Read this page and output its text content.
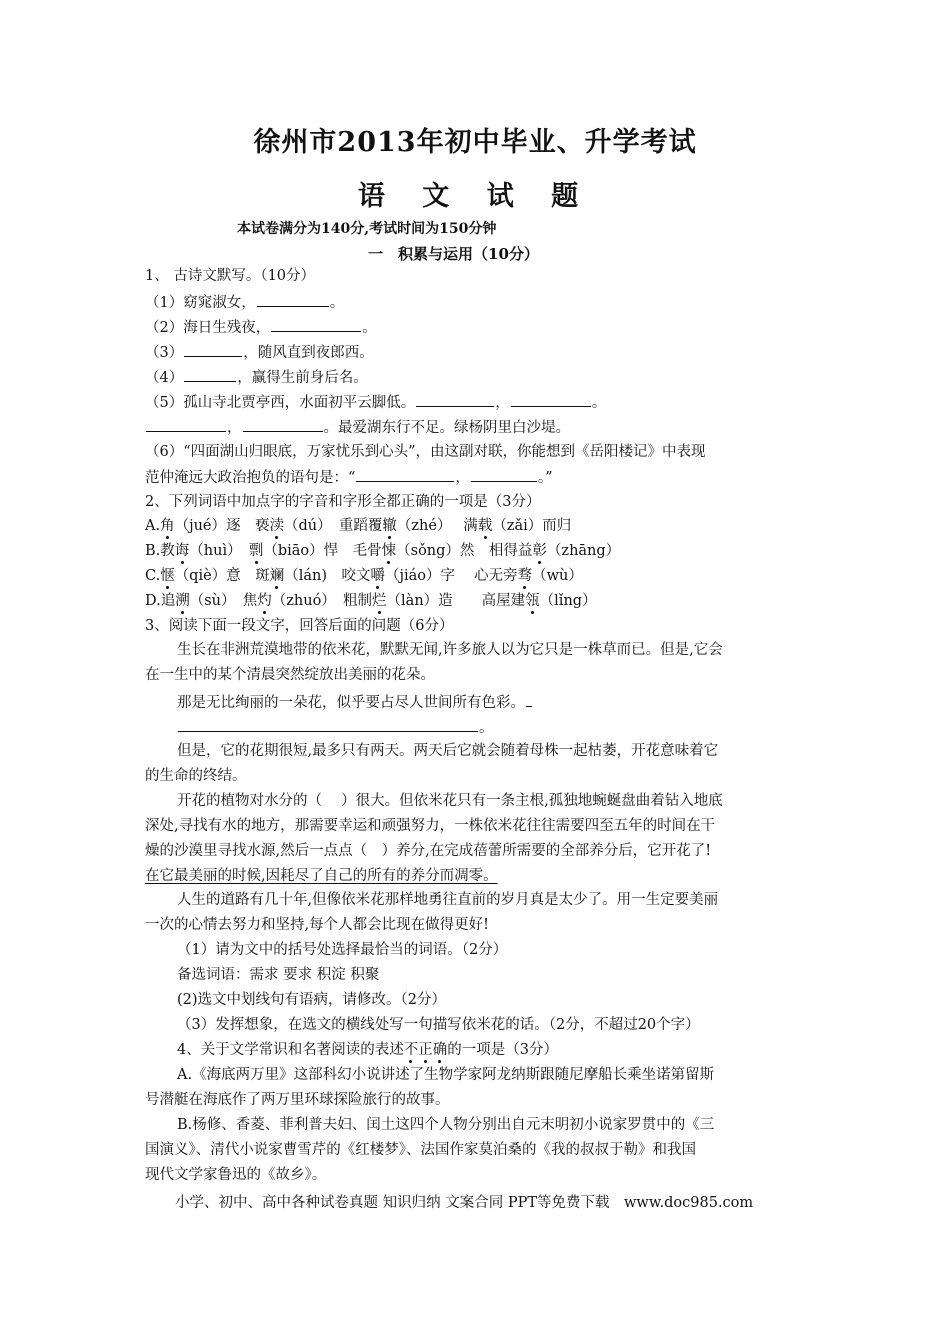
徐州市2013年初中毕业、升学考试
语 文 试 题
本试卷满分为140分,考试时间为150分钟
一　积累与运用（10分）
1、 古诗文默写。（10分）
（1）窈窕淑女，	。
（2）海日生残夜，	。
（3）	，随风直到夜郎西。
（4）	，赢得生前身后名。
（5）孤山寺北贾亭西，水面初平云脚低。	，	。
，	。最爱湖东行不足。绿杨阴里白沙堤。
（6）“四面湖山归眼底，万家忧乐到心头”，由这副对联，你能想到《岳阳楼记》中表现
范仲淹远大政治抱负的语句是：“	，	。”
2、下列词语中加点字的字音和字形全都正确的一项是（3分）
A.角（jué）逐　亵渎（dú）　重蹈覆辙（zhé）　 满载（zǎi）而归
B.教诲（huì）　剽（biāo）悍　毛骨悚（sǒng）然　相得益彰（zhāng）
C.惬（qiè）意　斑斓（lán)　咬文嚼（jiáo）字　 心无旁骛（wù）
D.追溯（sù）　焦灼（zhuó）　粗制烂（làn）造　　高屋建瓴（lǐng）
3、阅读下面一段文字，回答后面的问题（6分）
生长在非洲荒漠地带的依米花，默默无闻,许多旅人以为它只是一株草而已。但是,它会
在一生中的某个清晨突然绽放出美丽的花朵。
那是无比绚丽的一朵花，似乎要占尽人世间所有色彩。
。
但是，它的花期很短,最多只有两天。两天后它就会随着母株一起枯萎，开花意味着它
的生命的终结。
开花的植物对水分的（　 ）很大。但依米花只有一条主根,孤独地蜿蜒盘曲着钻入地底
深处,寻找有水的地方，那需要幸运和顽强努力，一株依米花往往需要四至五年的时间在干
燥的沙漠里寻找水源,然后一点点（　）养分,在完成蓓蕾所需要的全部养分后，它开花了!
在它最美丽的时候,因耗尽了自己的所有的养分而凋零。
人生的道路有几十年,但像依米花那样地勇往直前的岁月真是太少了。用一生定要美丽
一次的心情去努力和坚持,每个人都会比现在做得更好!
（1）请为文中的括号处选择最恰当的词语。（2分）
备选词语：需求 要求 积淀 积聚
(2)选文中划线句有语病，请修改。（2分）
（3）发挥想象，在选文的横线处写一句描写依米花的话。（2分，不超过20个字）
4、关于文学常识和名著阅读的表述不正确的一项是（3分）
A.《海底两万里》这部科幻小说讲述了生物学家阿龙纳斯跟随尼摩船长乘坐诺第留斯
号潜艇在海底作了两万里环球探险旅行的故事。
B.杨修、香菱、菲利普夫妇、闰土这四个人物分别出自元末明初小说家罗贯中的《三
国演义》、清代小说家曹雪芹的《红楼梦》、法国作家莫泊桑的《我的叔叔于勒》和我国
现代文学家鲁迅的《故乡》。
小学、初中、高中各种试卷真题 知识归纳 文案合同 PPT等免费下载　www.doc985.com
